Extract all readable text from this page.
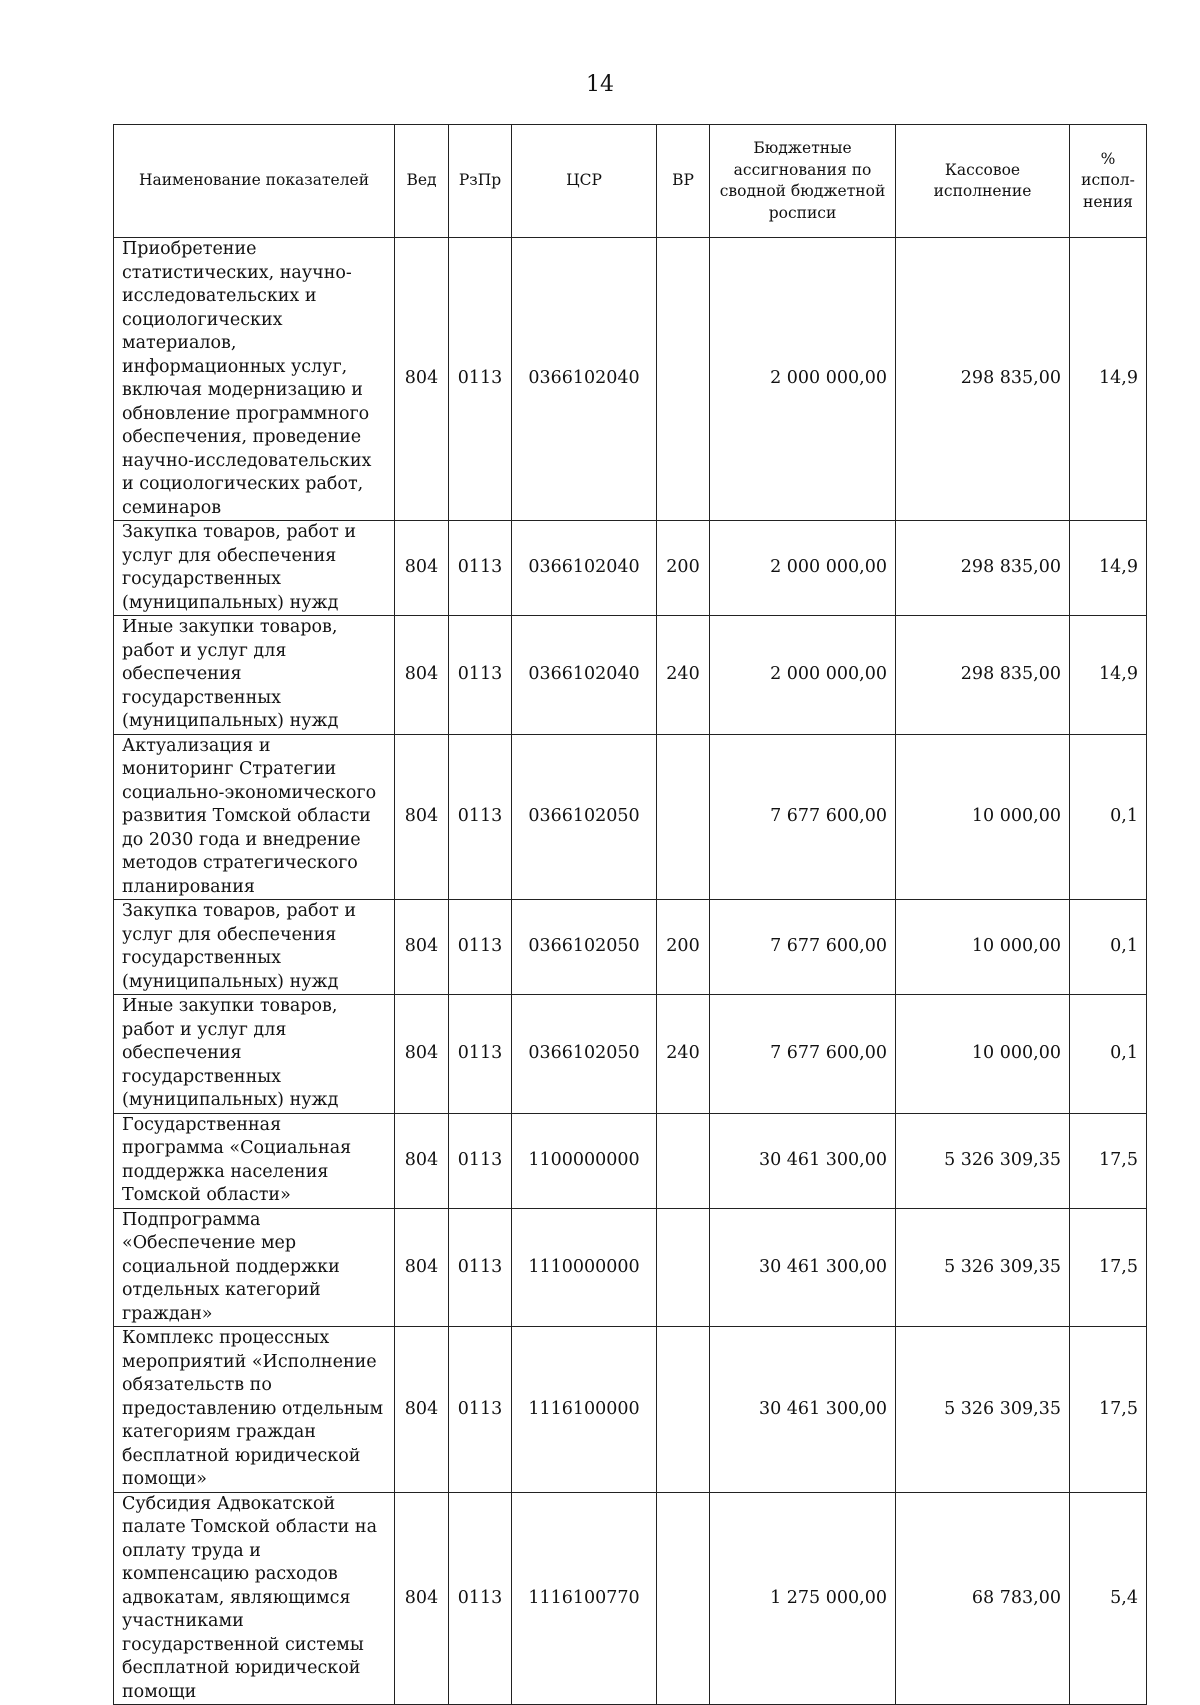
14
Наименование показателей	Вед	РзПр	ЦСР	ВР	Бюджетные ассигнования по сводной бюджетной росписи	Кассовое исполнение	% испол-нения
Приобретение статистических, научно-исследовательских и социологических материалов, информационных услуг, включая модернизацию и обновление программного обеспечения, проведение научно-исследовательских и социологических работ, семинаров	804	0113	0366102040		2 000 000,00	298 835,00	14,9
Закупка товаров, работ и услуг для обеспечения государственных (муниципальных) нужд	804	0113	0366102040	200	2 000 000,00	298 835,00	14,9
Иные закупки товаров, работ и услуг для обеспечения государственных (муниципальных) нужд	804	0113	0366102040	240	2 000 000,00	298 835,00	14,9
Актуализация и мониторинг Стратегии социально-экономического развития Томской области до 2030 года и внедрение методов стратегического планирования	804	0113	0366102050		7 677 600,00	10 000,00	0,1
Закупка товаров, работ и услуг для обеспечения государственных (муниципальных) нужд	804	0113	0366102050	200	7 677 600,00	10 000,00	0,1
Иные закупки товаров, работ и услуг для обеспечения государственных (муниципальных) нужд	804	0113	0366102050	240	7 677 600,00	10 000,00	0,1
Государственная программа «Социальная поддержка населения Томской области»	804	0113	1100000000		30 461 300,00	5 326 309,35	17,5
Подпрограмма «Обеспечение мер социальной поддержки отдельных категорий граждан»	804	0113	1110000000		30 461 300,00	5 326 309,35	17,5
Комплекс процессных мероприятий «Исполнение обязательств по предоставлению отдельным категориям граждан бесплатной юридической помощи»	804	0113	1116100000		30 461 300,00	5 326 309,35	17,5
Субсидия Адвокатской палате Томской области на оплату труда и компенсацию расходов адвокатам, являющимся участниками государственной системы бесплатной юридической помощи	804	0113	1116100770		1 275 000,00	68 783,00	5,4
